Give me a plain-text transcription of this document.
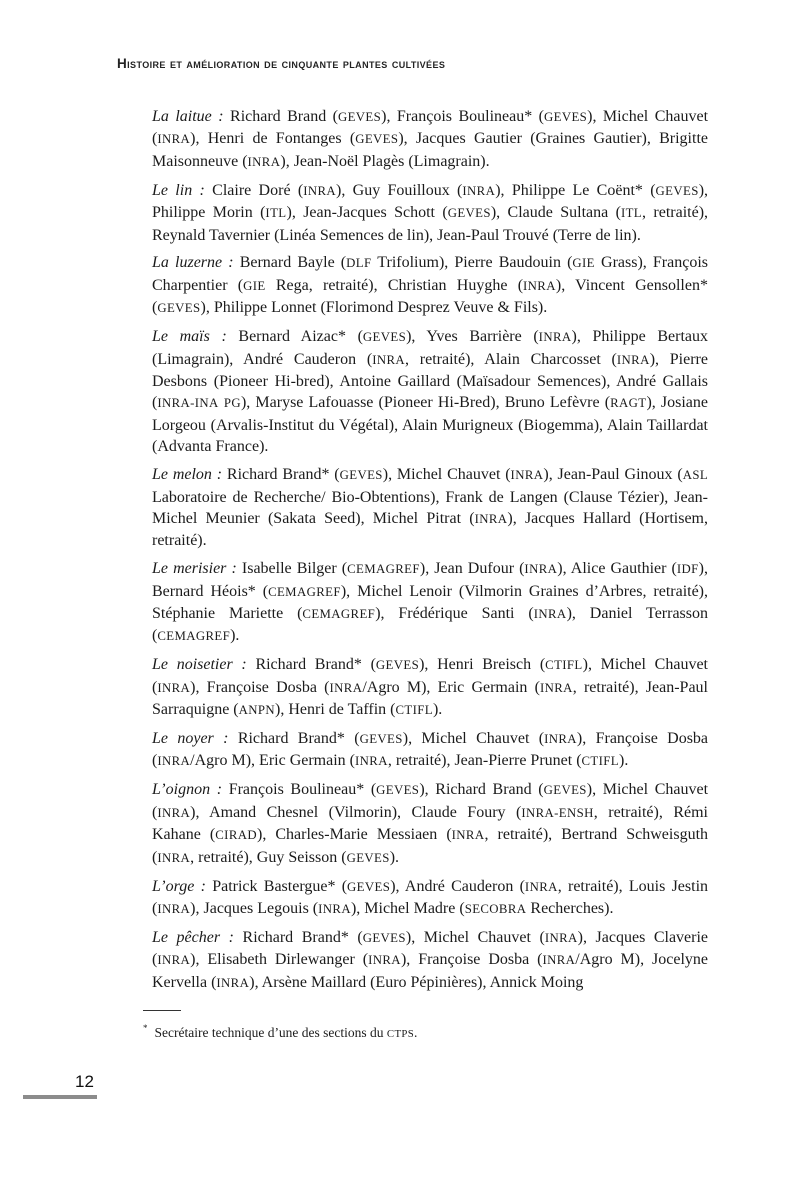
Histoire et amélioration de cinquante plantes cultivées

La laitue : Richard Brand (GEVES), François Boulineau* (GEVES), Michel Chauvet (INRA), Henri de Fontanges (GEVES), Jacques Gautier (Graines Gautier), Brigitte Maisonneuve (INRA), Jean-Noël Plagès (Limagrain).

Le lin : Claire Doré (INRA), Guy Fouilloux (INRA), Philippe Le Coënt* (GEVES), Philippe Morin (ITL), Jean-Jacques Schott (GEVES), Claude Sultana (ITL, retraité), Reynald Tavernier (Linéa Semences de lin), Jean-Paul Trouvé (Terre de lin).

La luzerne : Bernard Bayle (DLF Trifolium), Pierre Baudouin (GIE Grass), François Charpentier (GIE Rega, retraité), Christian Huyghe (INRA), Vincent Gensollen* (GEVES), Philippe Lonnet (Florimond Desprez Veuve & Fils).

Le maïs : Bernard Aizac* (GEVES), Yves Barrière (INRA), Philippe Bertaux (Limagrain), André Cauderon (INRA, retraité), Alain Charcosset (INRA), Pierre Desbons (Pioneer Hi-bred), Antoine Gaillard (Maïsadour Semences), André Gallais (INRA-INA PG), Maryse Lafouasse (Pioneer Hi-Bred), Bruno Lefèvre (RAGT), Josiane Lorgeou (Arvalis-Institut du Végétal), Alain Murigneux (Biogemma), Alain Taillardat (Advanta France).

Le melon : Richard Brand* (GEVES), Michel Chauvet (INRA), Jean-Paul Ginoux (ASL Laboratoire de Recherche/ Bio-Obtentions), Frank de Langen (Clause Tézier), Jean-Michel Meunier (Sakata Seed), Michel Pitrat (INRA), Jacques Hallard (Hortisem, retraité).

Le merisier : Isabelle Bilger (CEMAGREF), Jean Dufour (INRA), Alice Gauthier (IDF), Bernard Héois* (CEMAGREF), Michel Lenoir (Vilmorin Graines d’Arbres, retraité), Stéphanie Mariette (CEMAGREF), Frédérique Santi (INRA), Daniel Terrasson (CEMAGREF).

Le noisetier : Richard Brand* (GEVES), Henri Breisch (CTIFL), Michel Chauvet (INRA), Françoise Dosba (INRA/Agro M), Eric Germain (INRA, retraité), Jean-Paul Sarraquigne (ANPN), Henri de Taffin (CTIFL).

Le noyer : Richard Brand* (GEVES), Michel Chauvet (INRA), Françoise Dosba (INRA/Agro M), Eric Germain (INRA, retraité), Jean-Pierre Prunet (CTIFL).

L’oignon : François Boulineau* (GEVES), Richard Brand (GEVES), Michel Chauvet (INRA), Amand Chesnel (Vilmorin), Claude Foury (INRA-ENSH, retraité), Rémi Kahane (CIRAD), Charles-Marie Messiaen (INRA, retraité), Bertrand Schweisguth (INRA, retraité), Guy Seisson (GEVES).

L’orge : Patrick Bastergue* (GEVES), André Cauderon (INRA, retraité), Louis Jestin (INRA), Jacques Legouis (INRA), Michel Madre (SECOBRA Recherches).

Le pêcher : Richard Brand* (GEVES), Michel Chauvet (INRA), Jacques Claverie (INRA), Elisabeth Dirlewanger (INRA), Françoise Dosba (INRA/Agro M), Jocelyne Kervella (INRA), Arsène Maillard (Euro Pépinières), Annick Moing

* Secrétaire technique d’une des sections du CTPS.
12
